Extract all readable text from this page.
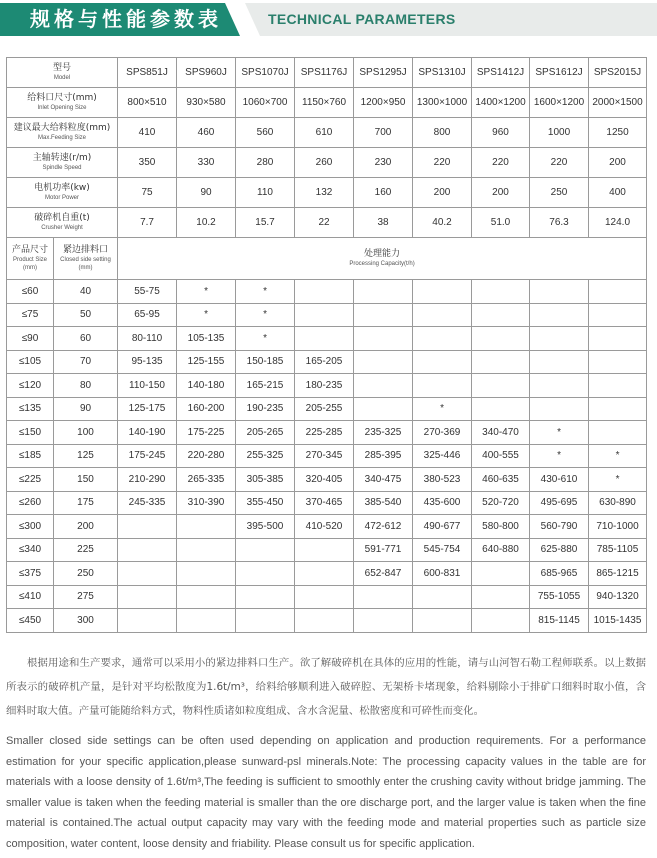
规格与性能参数表	TECHNICAL PARAMETERS
型号
Model		SPS851J	SPS960J	SPS1070J	SPS1176J	SPS1295J	SPS1310J	SPS1412J	SPS1612J	SPS2015J

给料口尺寸(mm)
Inlet Opening Size		800×510	930×580	1060×700	1150×760	1200×950	1300×1000	1400×1200	1600×1200	2000×1500

建议最大给料粒度(mm)
Max.Feeding Size		410	460	560	610	700	800	960	1000	1250

主轴转速(r/m)
Spindle Speed		350	330	280	260	230	220	220	220	200

电机功率(kw)
Motor Power		75	90	110	132	160	200	200	250	400

破碎机自重(t)
Crusher Weight		7.7	10.2	15.7	22	38	40.2	51.0	76.3	124.0

产品尺寸
Product Size
(mm)	紧边排料口
Closed side setting
(mm)	处理能力
Processing Capacity(t/h)								

≤60	40	55-75	*	*						
≤75	50	65-95	*	*						
≤90	60	80-110	105-135	*						
≤105	70	95-135	125-155	150-185	165-205					
≤120	80	110-150	140-180	165-215	180-235					
≤135	90	125-175	160-200	190-235	205-255		*			
≤150	100	140-190	175-225	205-265	225-285	235-325	270-369	340-470	*	
≤185	125	175-245	220-280	255-325	270-345	285-395	325-446	400-555	*	*
≤225	150	210-290	265-335	305-385	320-405	340-475	380-523	460-635	430-610	*
≤260	175	245-335	310-390	355-450	370-465	385-540	435-600	520-720	495-695	630-890
≤300	200			395-500	410-520	472-612	490-677	580-800	560-790	710-1000
≤340	225					591-771	545-754	640-880	625-880	785-1105
≤375	250					652-847	600-831		685-965	865-1215
≤410	275								755-1055	940-1320
≤450	300								815-1145	1015-1435
根据用途和生产要求，通常可以采用小的紧边排料口生产。欲了解破碎机在具体的应用的性能，请与山河智石勒工程师联系。以上数据所表示的破碎机产量，是针对平均松散度为1.6t/m³，给料给够顺利进入破碎腔、无架桥卡堵现象，给料剔除小于排矿口细料时取小值，含细料时取大值。产量可能随给料方式，物料性质诸如粒度组成、含水含泥量、松散密度和可碎性而变化。
Smaller closed side settings can be often used depending on application and production requirements. For a performance estimation for your specific application,please sunward-psl minerals.Note: The processing capacity values in the table are for materials with a loose density of 1.6t/m³,The feeding is sufficient to smoothly enter the crushing cavity without bridge jamming. The smaller value is taken when the feeding material is smaller than the ore discharge port, and the larger value is taken when the fine material is contained.The actual output capacity may vary with the feeding mode and material properties such as particle size composition, water content, loose density and friability. Please consult us for specific application.
